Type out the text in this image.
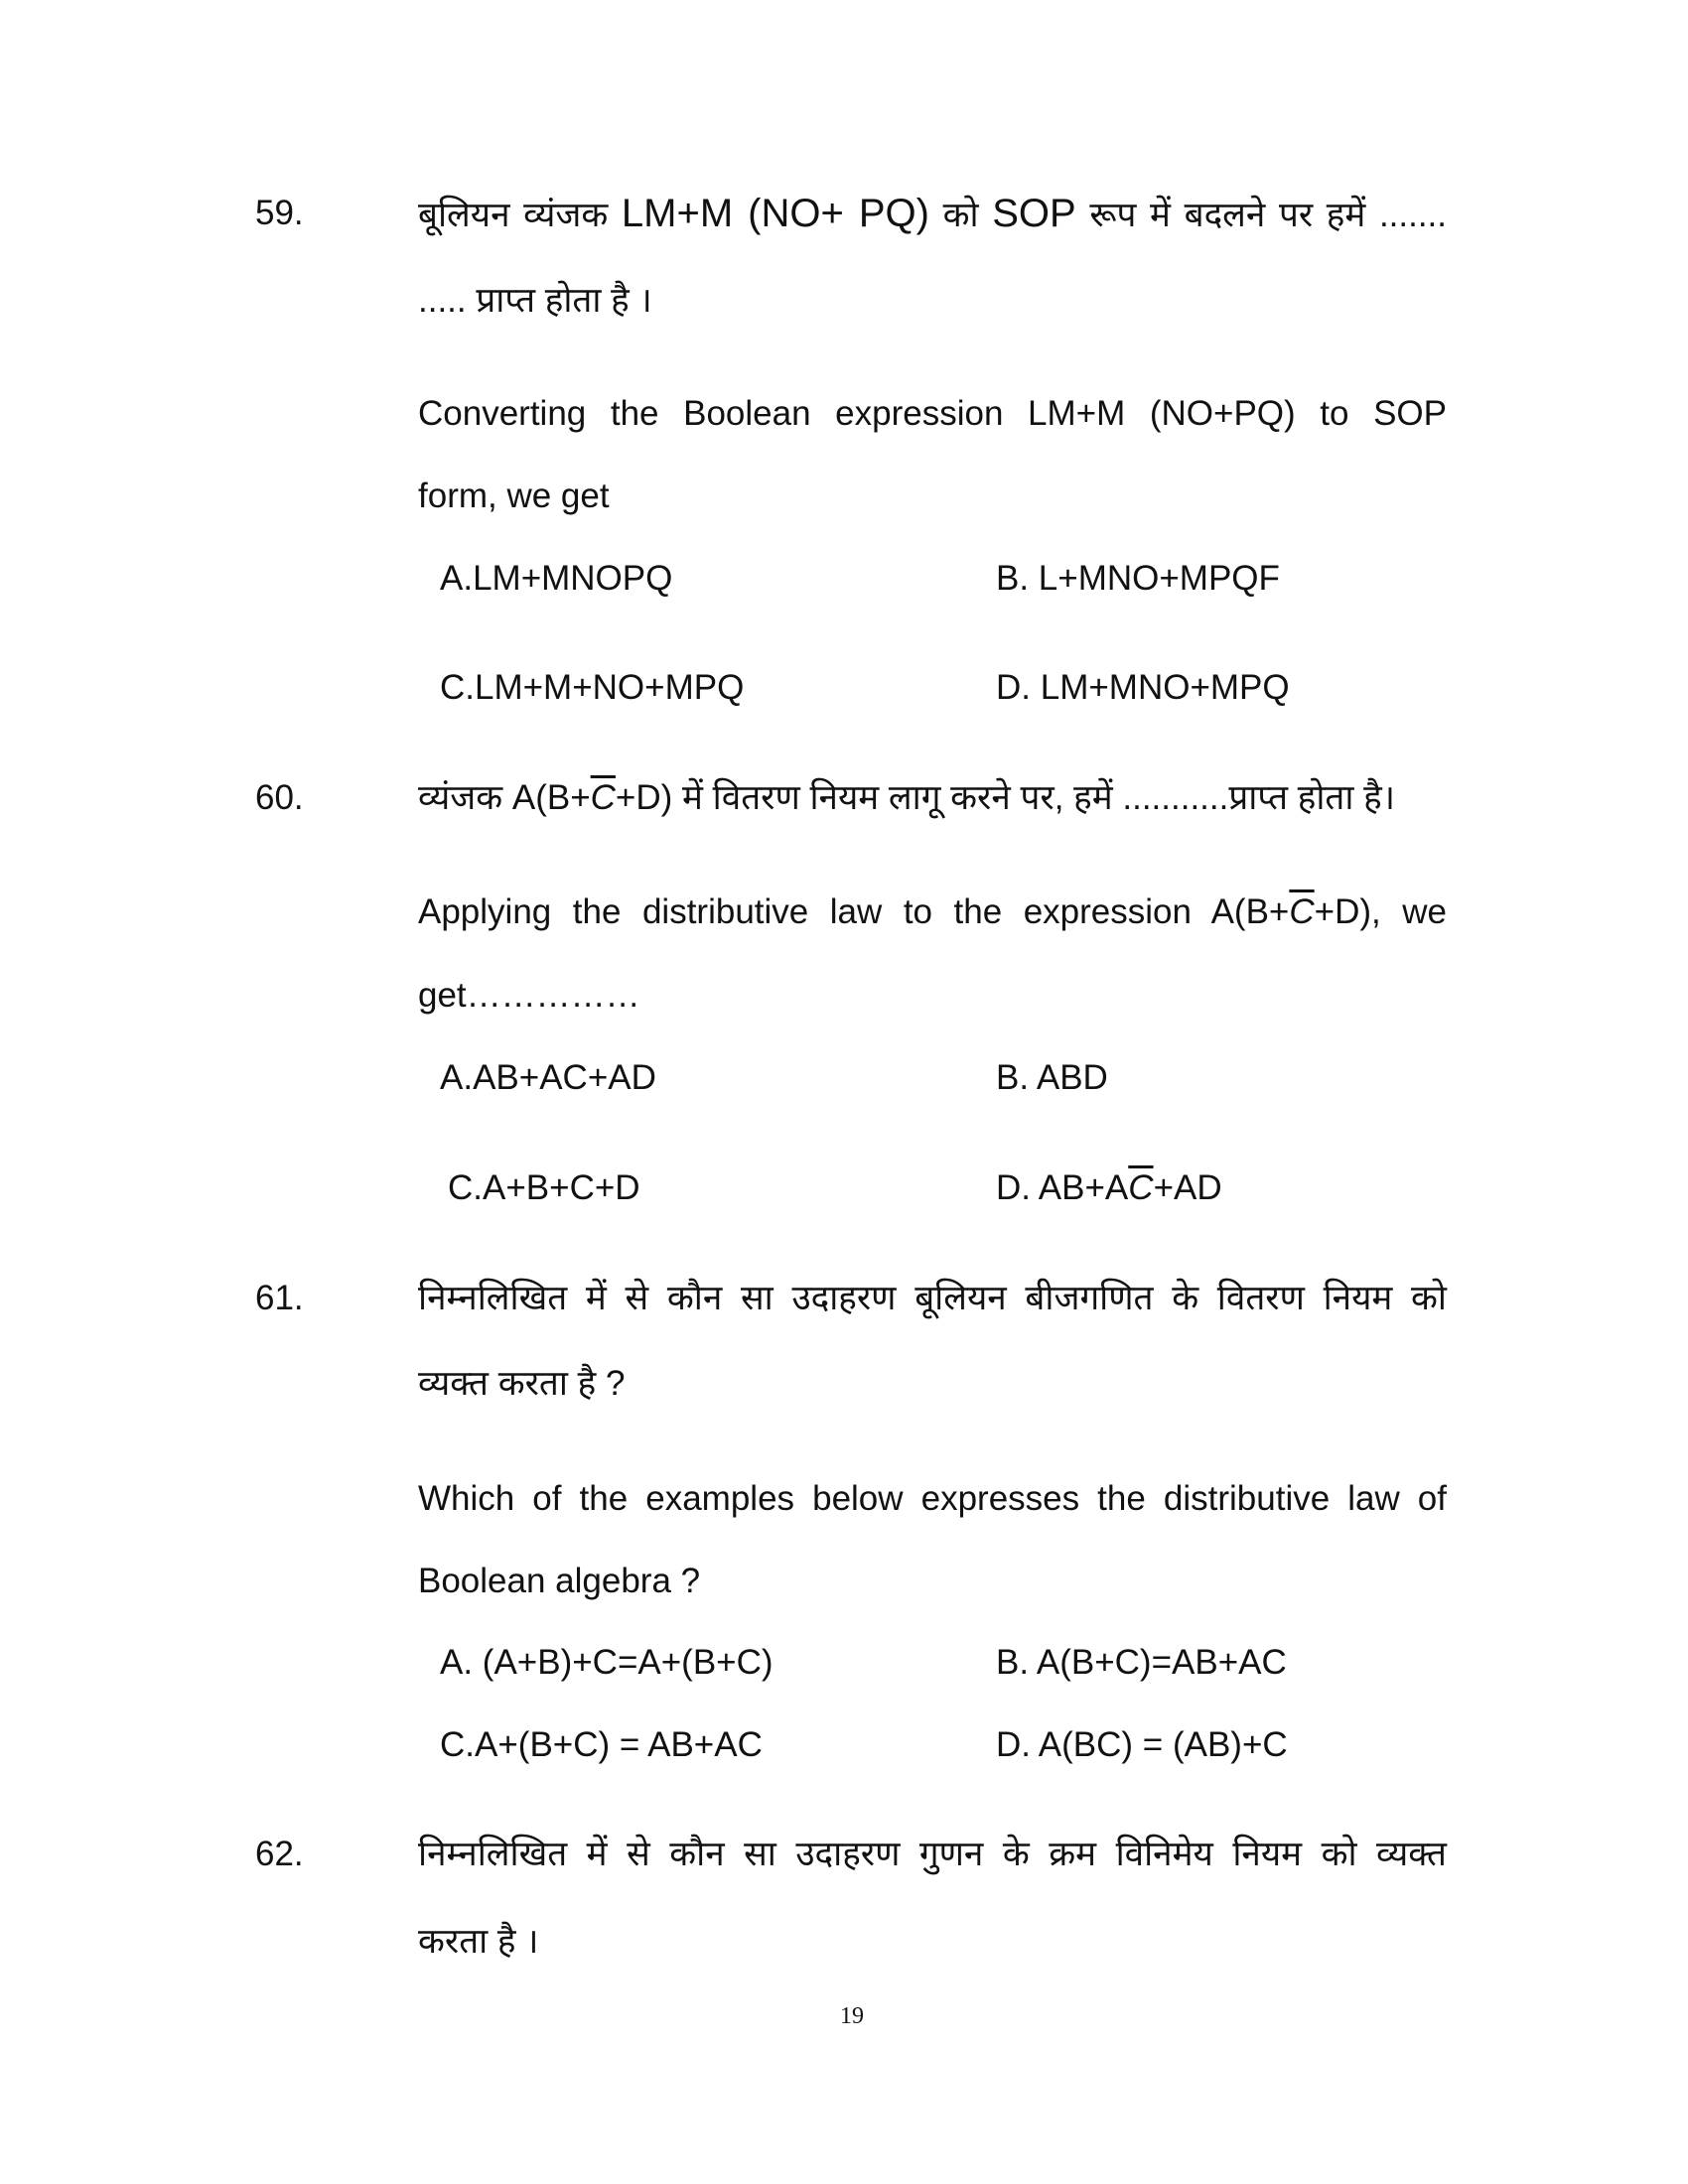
59.	बूलियन व्यंजक LM+M (NO+ PQ) को SOP रूप में बदलने पर हमें .......
..... प्राप्त होता है ।
Converting the Boolean expression LM+M (NO+PQ) to SOP
form, we get
A.LM+MNOPQ	B. L+MNO+MPQF
C.LM+M+NO+MPQ	D. LM+MNO+MPQ
60.	व्यंजक $A(B+\overline{C}+D)$ में वितरण नियम लागू करने पर, हमें ...........प्राप्त होता है।
Applying the distributive law to the expression $A(B+\overline{C}+D)$, we
get……………
A.AB+AC+AD	B. ABD
C.A+B+C+D	D. $AB+A\overline{C}+AD$
61.	निम्नलिखित में से कौन सा उदाहरण बूलियन बीजगणित के वितरण नियम को
व्यक्त करता है ?
Which of the examples below expresses the distributive law of
Boolean algebra ?
A. (A+B)+C=A+(B+C)	B. A(B+C)=AB+AC
C.A+(B+C) = AB+AC	D. A(BC) = (AB)+C
62.	निम्नलिखित में से कौन सा उदाहरण गुणन के क्रम विनिमेय नियम को व्यक्त
करता है ।
19
